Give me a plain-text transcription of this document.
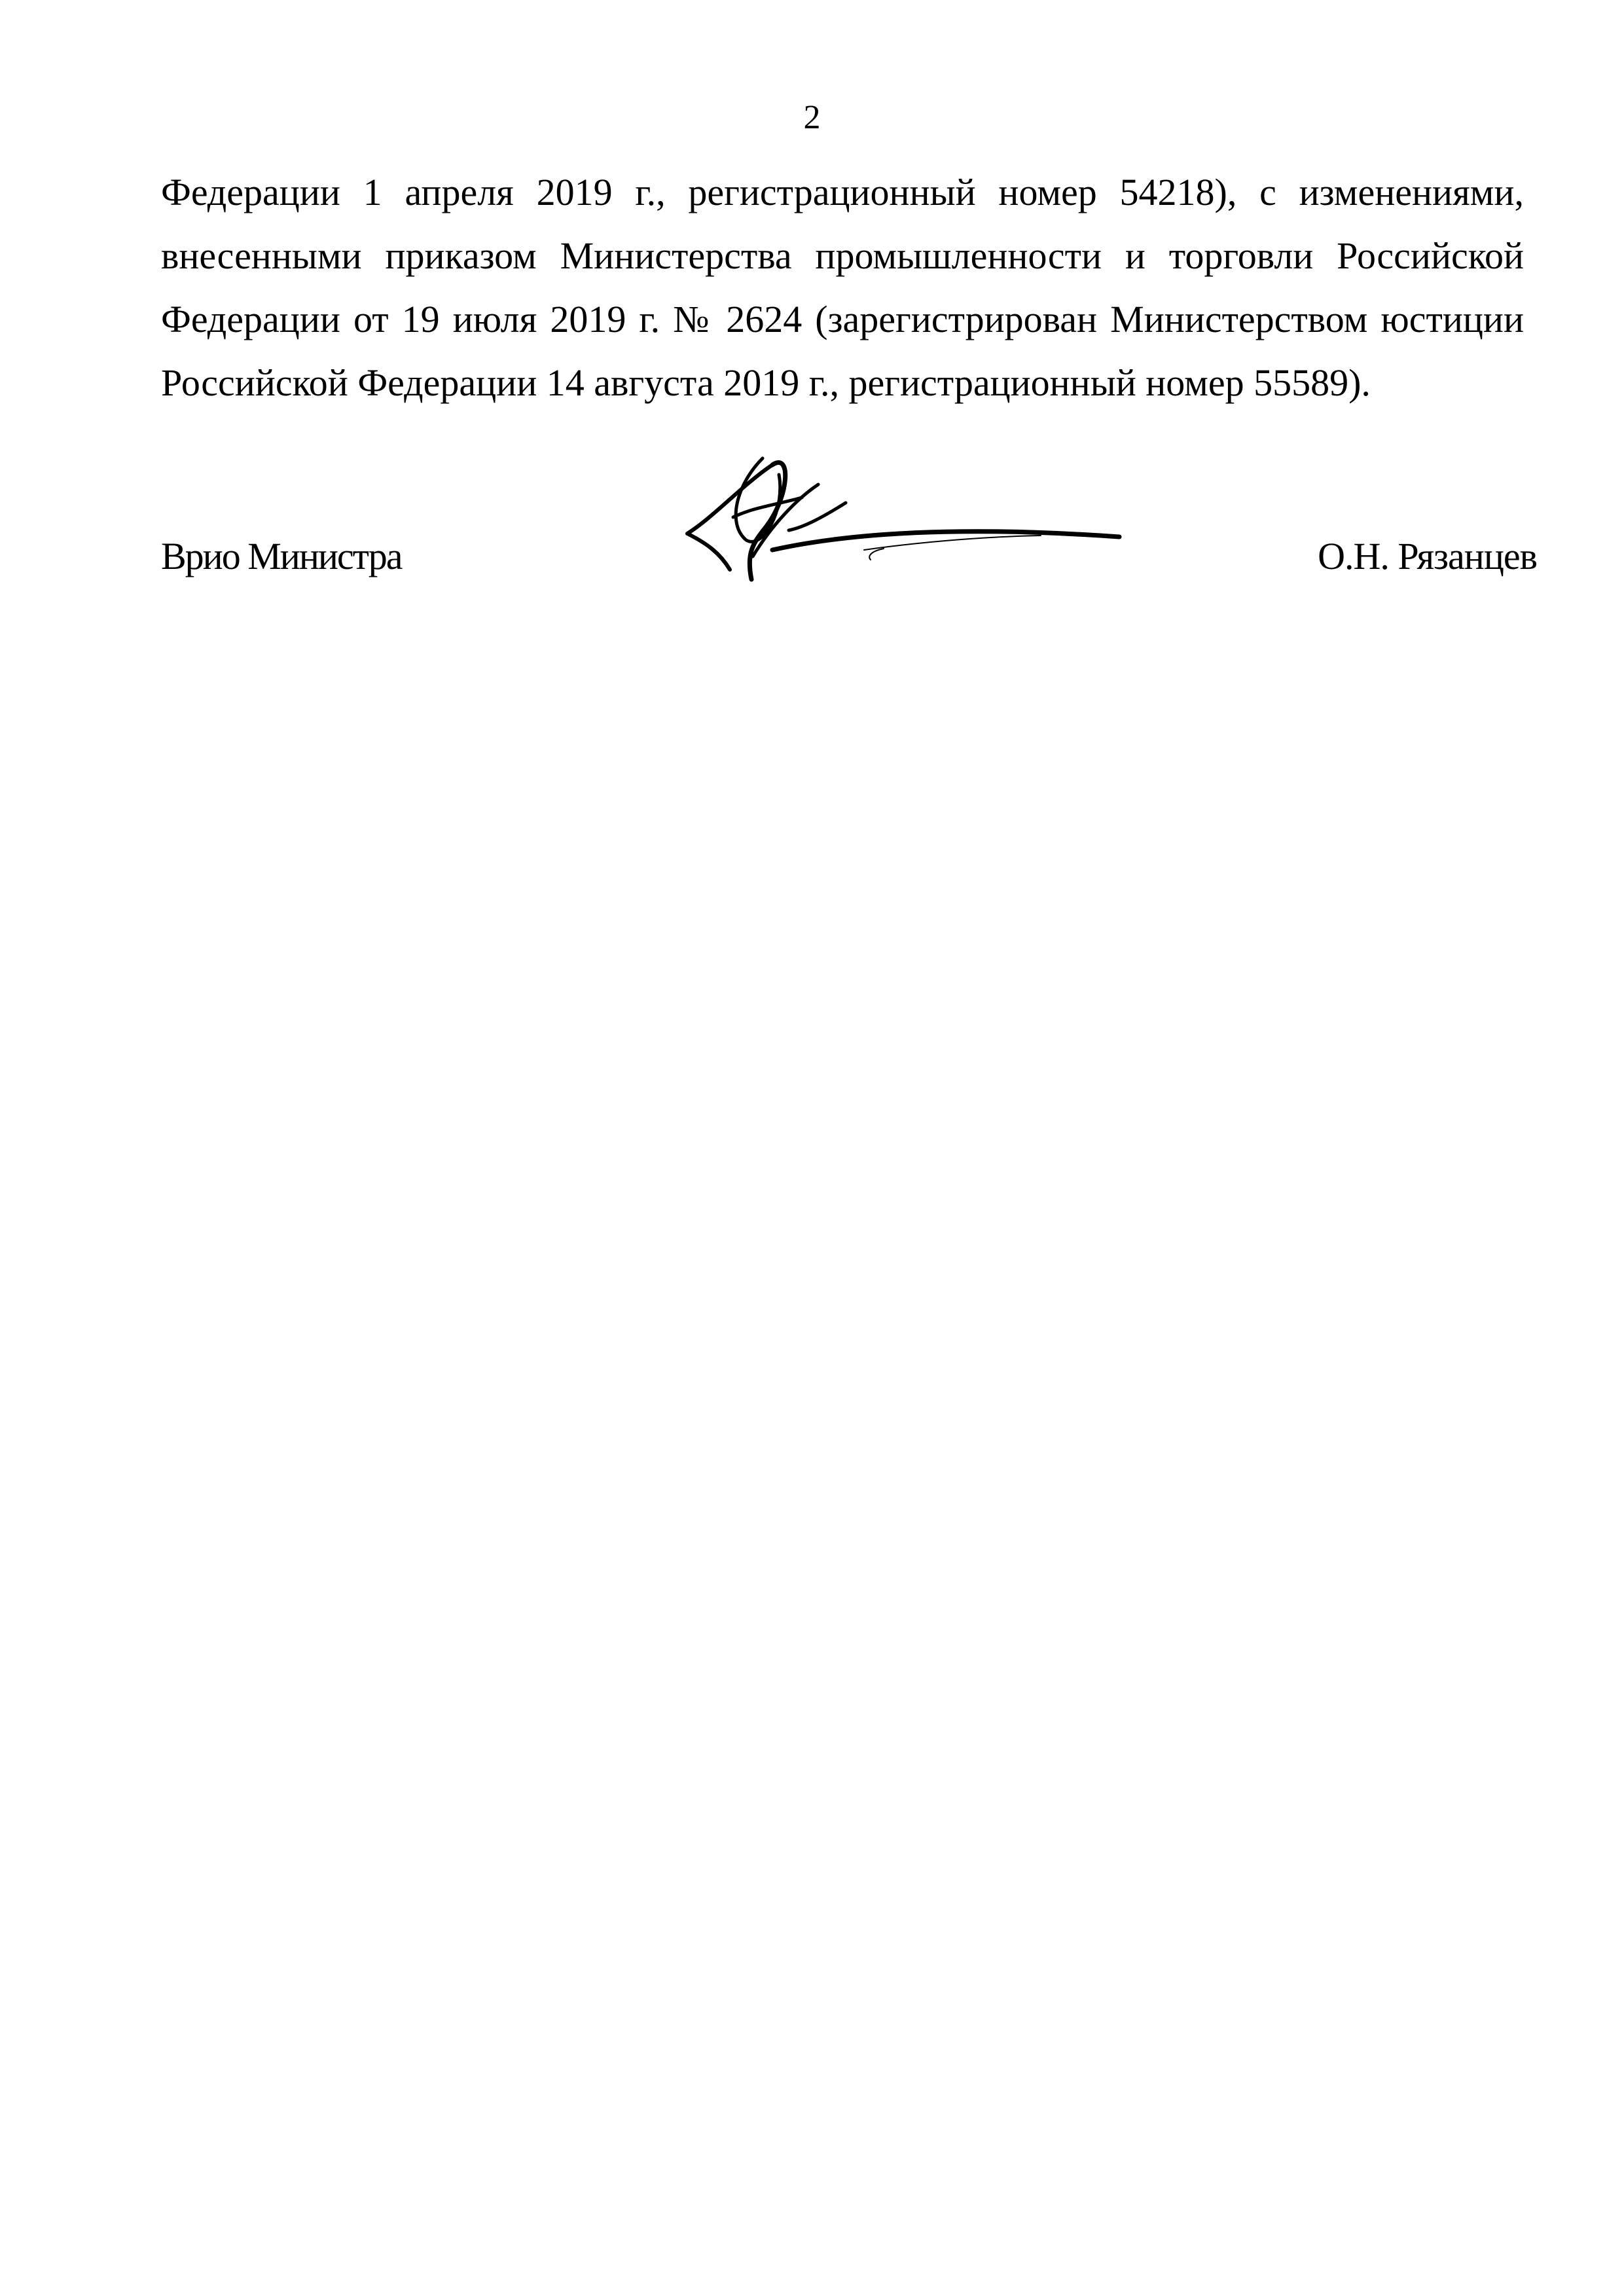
2
Федерации 1 апреля 2019 г., регистрационный номер 54218), с изменениями,
внесенными приказом Министерства промышленности и торговли Российской
Федерации от 19 июля 2019 г. № 2624 (зарегистрирован Министерством юстиции
Российской Федерации 14 августа 2019 г., регистрационный номер 55589).
Врио Министра	О.Н. Рязанцев
